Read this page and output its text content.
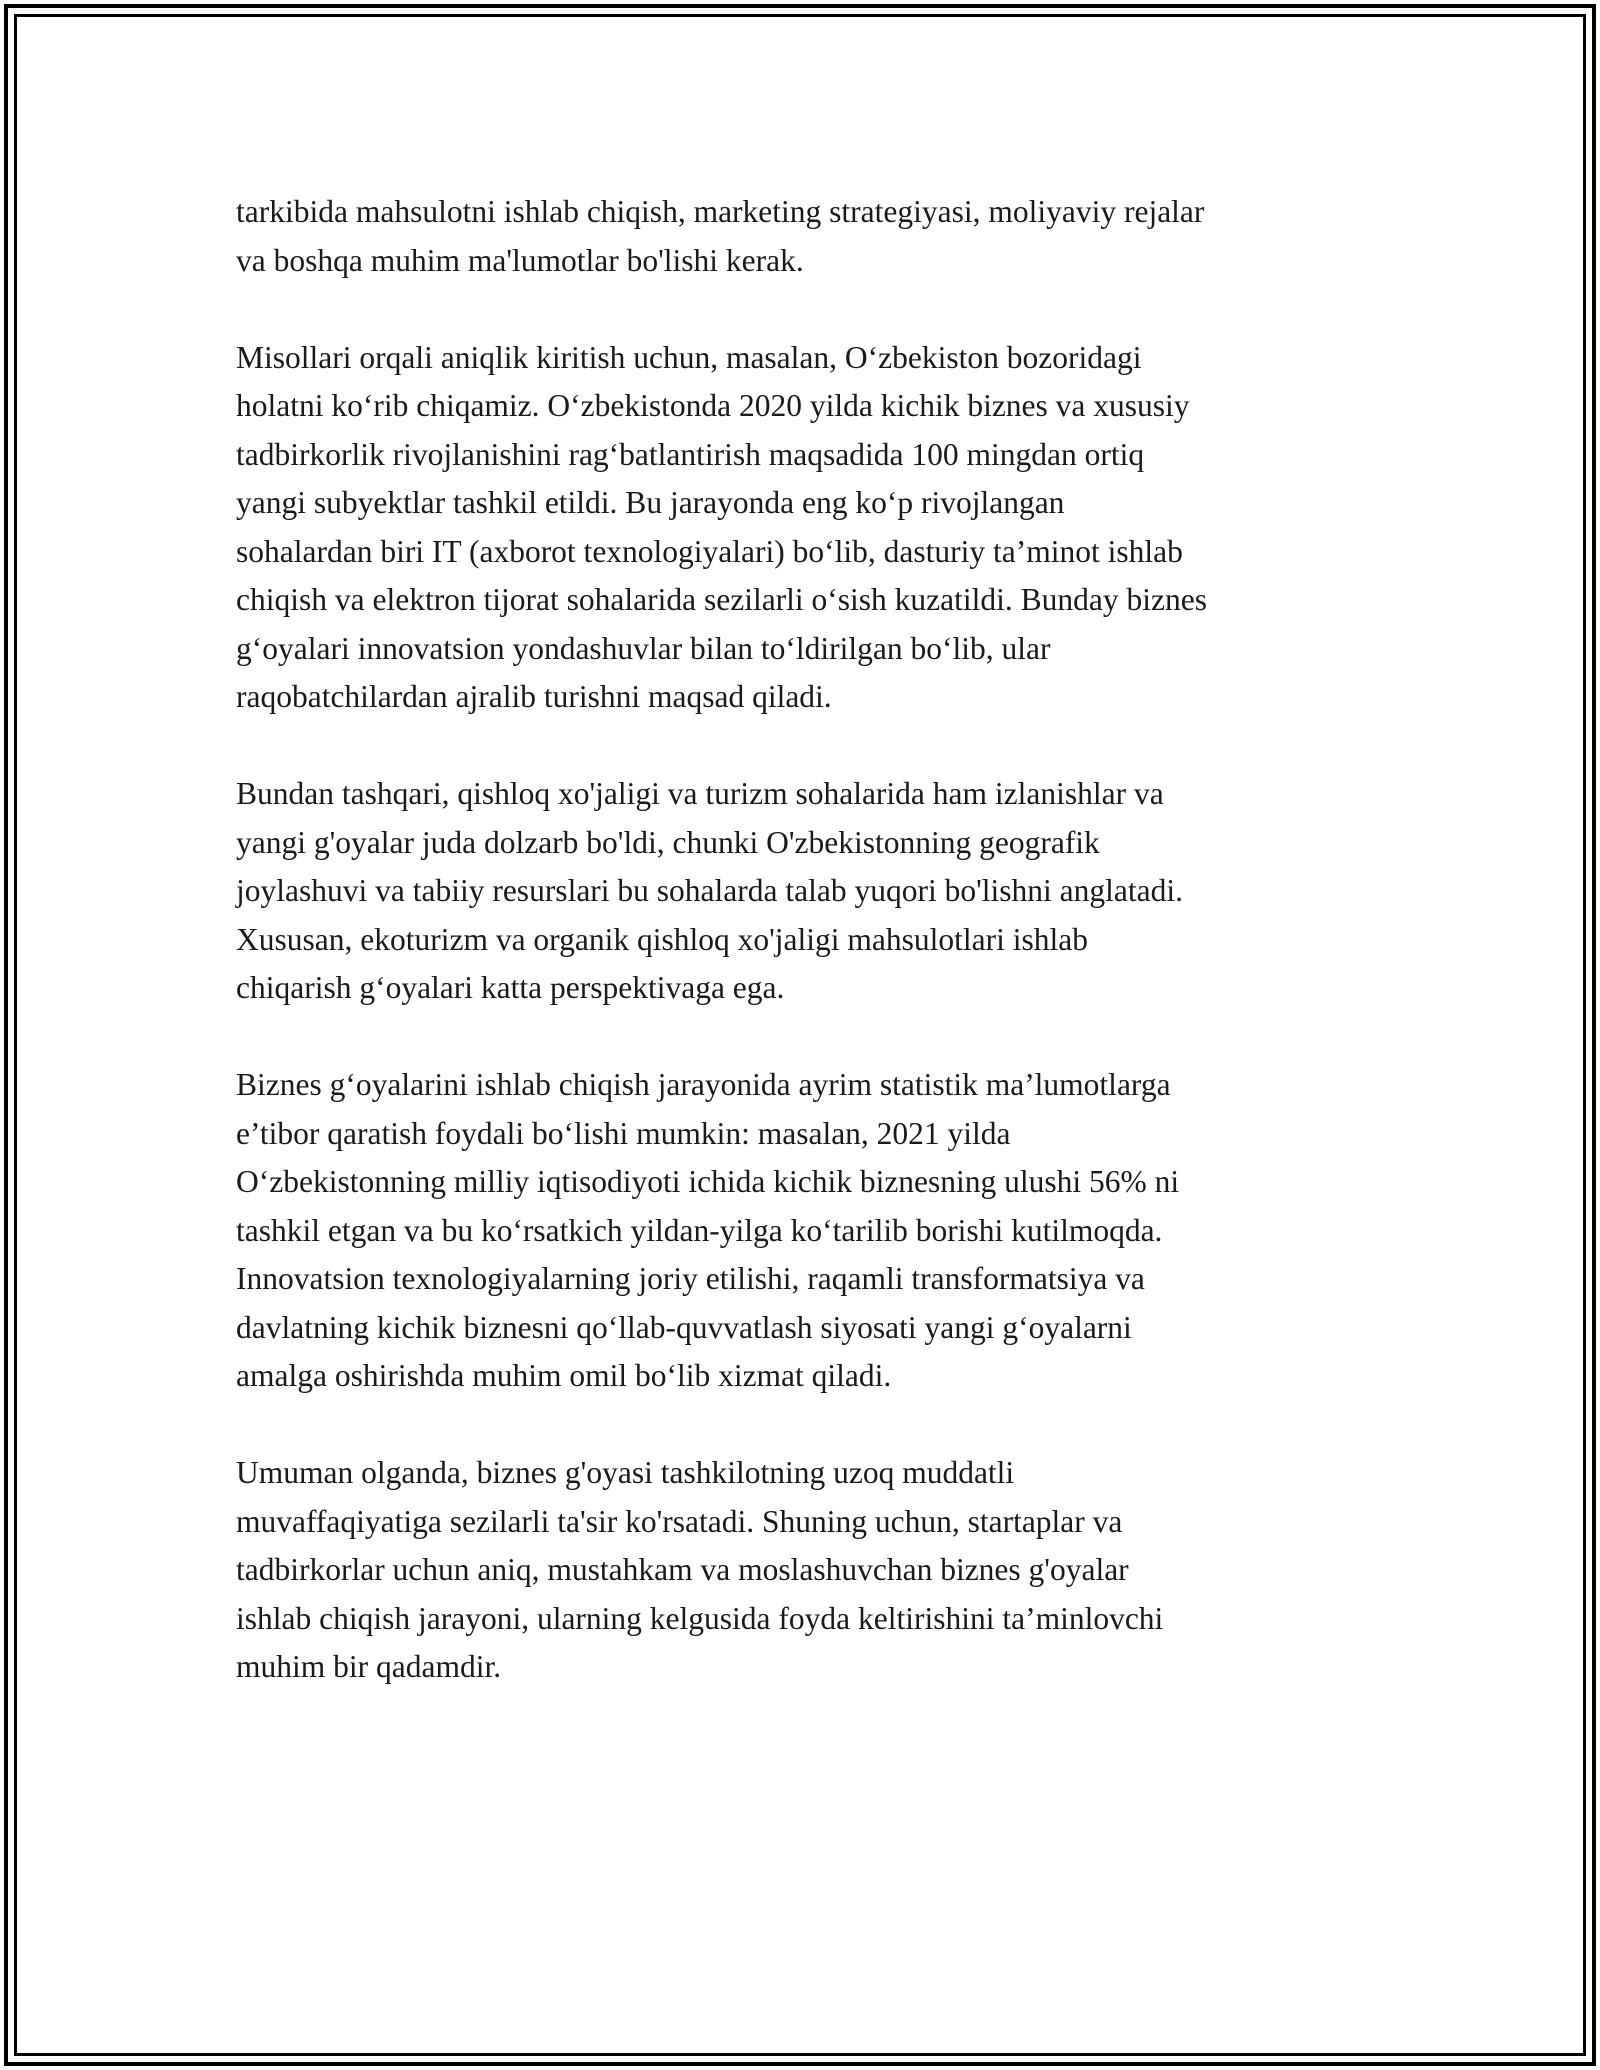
tarkibida mahsulotni ishlab chiqish, marketing strategiyasi, moliyaviy rejalar
va boshqa muhim ma'lumotlar bo'lishi kerak.

Misollari orqali aniqlik kiritish uchun, masalan, O‘zbekiston bozoridagi
holatni ko‘rib chiqamiz. O‘zbekistonda 2020 yilda kichik biznes va xususiy
tadbirkorlik rivojlanishini rag‘batlantirish maqsadida 100 mingdan ortiq
yangi subyektlar tashkil etildi. Bu jarayonda eng ko‘p rivojlangan
sohalardan biri IT (axborot texnologiyalari) bo‘lib, dasturiy ta’minot ishlab
chiqish va elektron tijorat sohalarida sezilarli o‘sish kuzatildi. Bunday biznes
g‘oyalari innovatsion yondashuvlar bilan to‘ldirilgan bo‘lib, ular
raqobatchilardan ajralib turishni maqsad qiladi.

Bundan tashqari, qishloq xo'jaligi va turizm sohalarida ham izlanishlar va
yangi g'oyalar juda dolzarb bo'ldi, chunki O'zbekistonning geografik
joylashuvi va tabiiy resurslari bu sohalarda talab yuqori bo'lishni anglatadi.
Xususan, ekoturizm va organik qishloq xo'jaligi mahsulotlari ishlab
chiqarish g‘oyalari katta perspektivaga ega.

Biznes g‘oyalarini ishlab chiqish jarayonida ayrim statistik ma’lumotlarga
e’tibor qaratish foydali bo‘lishi mumkin: masalan, 2021 yilda
O‘zbekistonning milliy iqtisodiyoti ichida kichik biznesning ulushi 56% ni
tashkil etgan va bu ko‘rsatkich yildan-yilga ko‘tarilib borishi kutilmoqda.
Innovatsion texnologiyalarning joriy etilishi, raqamli transformatsiya va
davlatning kichik biznesni qo‘llab-quvvatlash siyosati yangi g‘oyalarni
amalga oshirishda muhim omil bo‘lib xizmat qiladi.

Umuman olganda, biznes g'oyasi tashkilotning uzoq muddatli
muvaffaqiyatiga sezilarli ta'sir ko'rsatadi. Shuning uchun, startaplar va
tadbirkorlar uchun aniq, mustahkam va moslashuvchan biznes g'oyalar
ishlab chiqish jarayoni, ularning kelgusida foyda keltirishini ta’minlovchi
muhim bir qadamdir.
